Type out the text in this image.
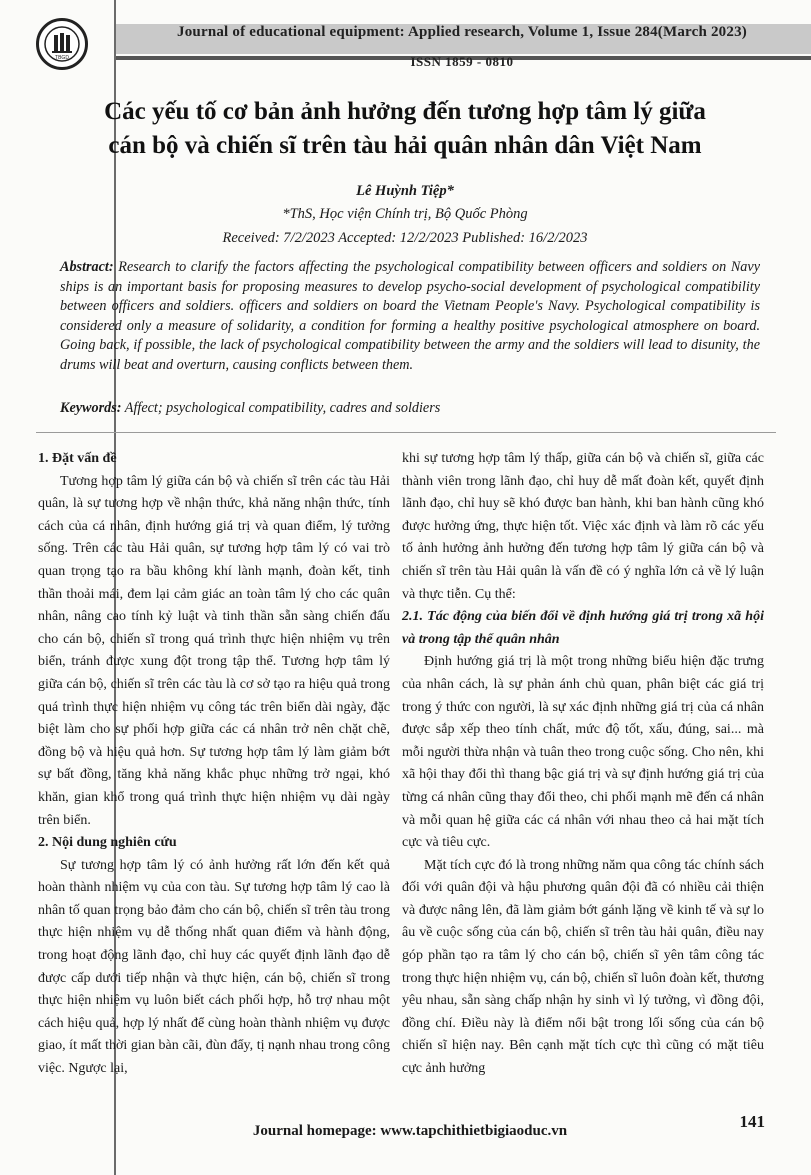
TBGD
Journal of educational equipment: Applied research, Volume 1, Issue 284(March 2023)
ISSN 1859 - 0810
Các yếu tố cơ bản ảnh hưởng đến tương hợp tâm lý giữa
cán bộ và chiến sĩ trên tàu hải quân nhân dân Việt Nam
Lê Huỳnh Tiệp*
*ThS, Học viện Chính trị, Bộ Quốc Phòng
Received: 7/2/2023 Accepted: 12/2/2023 Published: 16/2/2023
Abstract: Research to clarify the factors affecting the psychological compatibility between officers and soldiers on Navy ships is an important basis for proposing measures to develop psycho-social development of psychological compatibility between officers and soldiers. officers and soldiers on board the Vietnam People's Navy. Psychological compatibility is considered only a measure of solidarity, a condition for forming a healthy positive psychological atmosphere on board. Going back, if possible, the lack of psychological compatibility between the army and the soldiers will lead to disunity, the drums will beat and overturn, causing conflicts between them.
Keywords: Affect; psychological compatibility, cadres and soldiers
1. Đặt vấn đề

Tương hợp tâm lý giữa cán bộ và chiến sĩ trên các tàu Hải quân, là sự tương hợp về nhận thức, khả năng nhận thức, tính cách của cá nhân, định hướng giá trị và quan điểm, lý tưởng sống. Trên các tàu Hải quân, sự tương hợp tâm lý có vai trò quan trọng tạo ra bầu không khí lành mạnh, đoàn kết, tinh thần thoải mái, đem lại cảm giác an toàn tâm lý cho các quân nhân, nâng cao tính kỷ luật và tinh thần sẵn sàng chiến đấu cho cán bộ, chiến sĩ trong quá trình thực hiện nhiệm vụ trên biển, tránh được xung đột trong tập thể. Tương hợp tâm lý giữa cán bộ, chiến sĩ trên các tàu là cơ sở tạo ra hiệu quả trong quá trình thực hiện nhiệm vụ công tác trên biển dài ngày, đặc biệt làm cho sự phối hợp giữa các cá nhân trở nên chặt chẽ, đồng bộ và hiệu quả hơn. Sự tương hợp tâm lý làm giảm bớt sự bất đồng, tăng khả năng khắc phục những trở ngại, khó khăn, gian khổ trong quá trình thực hiện nhiệm vụ dài ngày trên biển.

2. Nội dung nghiên cứu

Sự tương hợp tâm lý có ảnh hưởng rất lớn đến kết quả hoàn thành nhiệm vụ của con tàu. Sự tương hợp tâm lý cao là nhân tố quan trọng bảo đảm cho cán bộ, chiến sĩ trên tàu trong thực hiện nhiệm vụ dễ thống nhất quan điểm và hành động, trong hoạt động lãnh đạo, chỉ huy các quyết định lãnh đạo dễ được cấp dưới tiếp nhận và thực hiện, cán bộ, chiến sĩ trong thực hiện nhiệm vụ luôn biết cách phối hợp, hỗ trợ nhau một cách hiệu quả, hợp lý nhất để cùng hoàn thành nhiệm vụ được giao, ít mất thời gian bàn cãi, đùn đẩy, tị nạnh nhau trong công việc. Ngược lại,

khi sự tương hợp tâm lý thấp, giữa cán bộ và chiến sĩ, giữa các thành viên trong lãnh đạo, chỉ huy dễ mất đoàn kết, quyết định lãnh đạo, chỉ huy sẽ khó được ban hành, khi ban hành cũng khó được hưởng ứng, thực hiện tốt. Việc xác định và làm rõ các yếu tố ảnh hưởng ảnh hưởng đến tương hợp tâm lý giữa cán bộ và chiến sĩ trên tàu Hải quân là vấn đề có ý nghĩa lớn cả về lý luận và thực tiễn. Cụ thể:

2.1. Tác động của biến đổi về định hướng giá trị trong xã hội và trong tập thể quân nhân

Định hướng giá trị là một trong những biểu hiện đặc trưng của nhân cách, là sự phản ánh chủ quan, phân biệt các giá trị trong ý thức con người, là sự xác định những giá trị của cá nhân được sắp xếp theo tính chất, mức độ tốt, xấu, đúng, sai... mà mỗi người thừa nhận và tuân theo trong cuộc sống. Cho nên, khi xã hội thay đổi thì thang bậc giá trị và sự định hướng giá trị của từng cá nhân cũng thay đổi theo, chi phối mạnh mẽ đến cá nhân và mỗi quan hệ giữa các cá nhân với nhau theo cả hai mặt tích cực và tiêu cực.

Mặt tích cực đó là trong những năm qua công tác chính sách đối với quân đội và hậu phương quân đội đã có nhiều cải thiện và được nâng lên, đã làm giảm bớt gánh lặng về kinh tế và sự lo âu về cuộc sống của cán bộ, chiến sĩ trên tàu hải quân, điều nay góp phần tạo ra tâm lý cho cán bộ, chiến sĩ yên tâm công tác trong thực hiện nhiệm vụ, cán bộ, chiến sĩ luôn đoàn kết, thương yêu nhau, sẵn sàng chấp nhận hy sinh vì lý tưởng, vì đồng đội, đồng chí. Điều này là điểm nổi bật trong lối sống của cán bộ chiến sĩ hiện nay. Bên cạnh mặt tích cực thì cũng có mặt tiêu cực ảnh hưởng

Journal homepage: www.tapchithietbigiaoduc.vn	141
